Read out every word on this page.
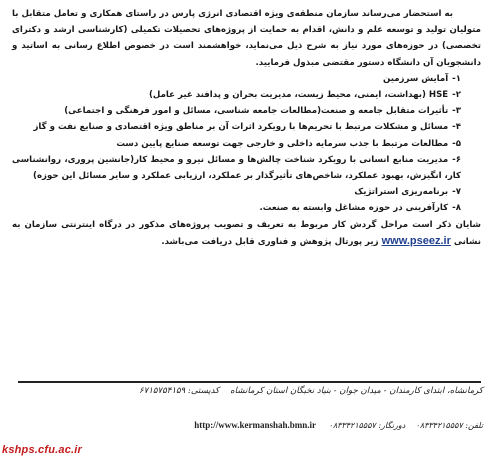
به استحضار می‌رساند سازمان منطقه‌ی ویژه اقتصادی انرژی پارس در راستای همکاری و تعامل متقابل با متولیان تولید و توسعه علم و دانش، اقدام به حمایت از پروژه‌های تحصیلات تکمیلی (کارشناسی ارشد و دکترای تخصصی) در حوزه‌های مورد نیاز به شرح ذیل می‌نماید، خواهشمند است در خصوص اطلاع رسانی به اساتید و دانشجویان آن دانشگاه دستور مقتضی مبذول فرمایید.

۱-آمایش سرزمین
۲-HSE (بهداشت، ایمنی، محیط زیست، مدیریت بحران و پدافند غیر عامل)
۳-تأثیرات متقابل جامعه و صنعت(مطالعات جامعه شناسی، مسائل و امور فرهنگی و اجتماعی)
۴-مسائل و مشکلات مرتبط با تحریم‌ها با رویکرد اثرات آن بر مناطق ویژه اقتصادی و صنایع نفت و گاز
۵-مطالعات مرتبط با جذب سرمایه داخلی و خارجی جهت توسعه صنایع پایین دست
۶-مدیریت منابع انسانی با رویکرد شناخت چالش‌ها و مسائل نیرو و محیط کار(جانشین پروری، روانشناسی کار، انگیزش، بهبود عملکرد، شاخص‌های تأثیرگذار بر عملکرد، ارزیابی عملکرد و سایر مسائل این حوزه)
۷-برنامه‌ریزی استراتژیک
۸-کارآفرینی در حوزه مشاغل وابسته به صنعت.

شایان ذکر است مراحل گردش کار مربوط به تعریف و تصویب پروژه‌های مذکور در درگاه اینترنتی سازمان به نشانی www.pseez.ir زیر پورتال پژوهش و فناوری قابل دریافت می‌باشد.

کرمانشاه، ابتدای کارمندان - میدان جوان - بنیاد نخبگان استان کرمانشاه    کدپستی: ۶۷۱۵۷۵۴۱۵۹
تلفن: ۰۸۳۳۴۲۱۵۵۵۷    دورنگار: ۰۸۳۳۴۲۱۵۵۵۷ http://www.kermanshah.bmn.ir
kshps.cfu.ac.ir
